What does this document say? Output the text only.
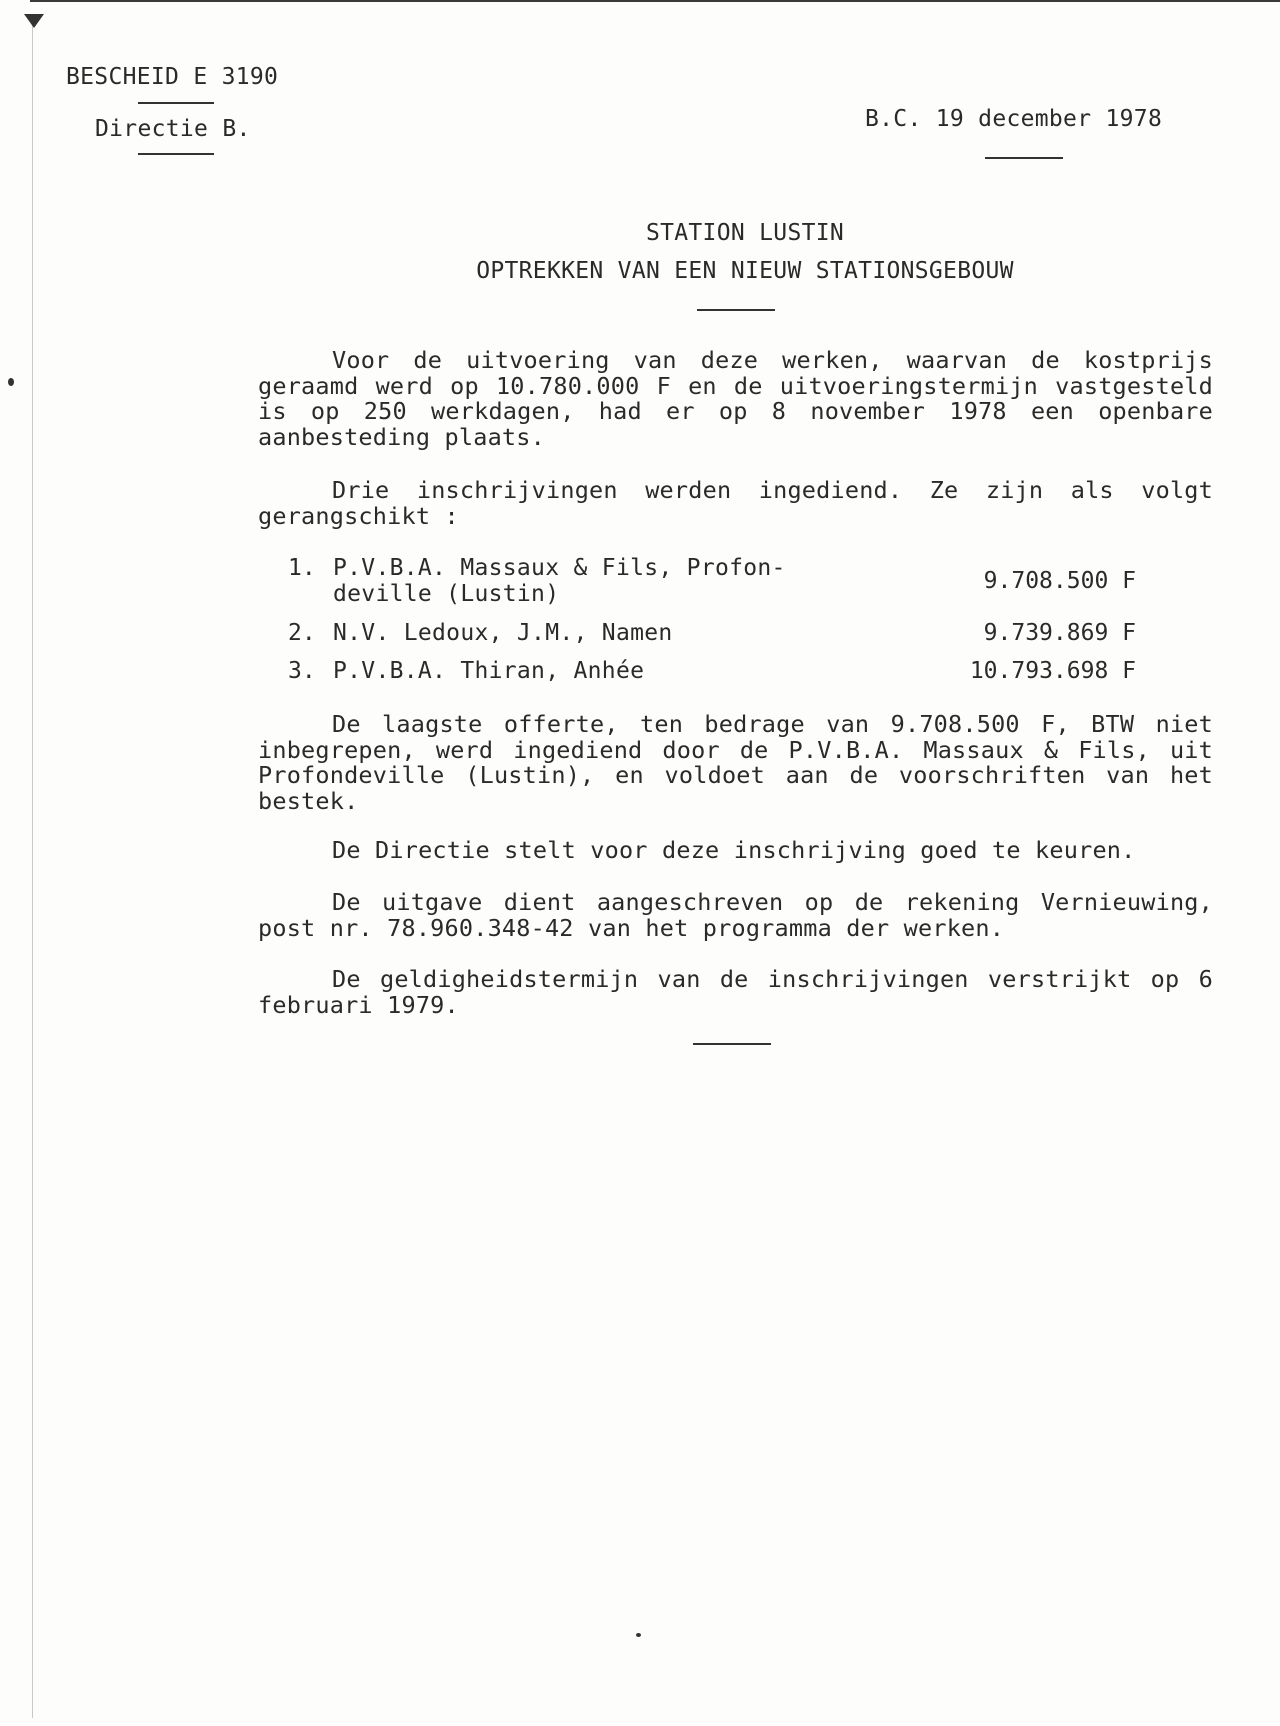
BESCHEID E 3190
Directie B.	B.C. 19 december 1978
STATION LUSTIN
OPTREKKEN VAN EEN NIEUW STATIONSGEBOUW
Voor de uitvoering van deze werken, waarvan de kostprijs geraamd werd op 10.780.000 F en de uitvoeringstermijn vastgesteld is op 250 werkdagen, had er op 8 november 1978 een openbare aanbesteding plaats.
Drie inschrijvingen werden ingediend. Ze zijn als volgt gerangschikt :
1. P.V.B.A. Massaux & Fils, Profon-
deville (Lustin)	9.708.500 F
2. N.V. Ledoux, J.M., Namen	9.739.869 F
3. P.V.B.A. Thiran, Anhée	10.793.698 F
De laagste offerte, ten bedrage van 9.708.500 F, BTW niet inbegrepen, werd ingediend door de P.V.B.A. Massaux & Fils, uit Profondeville (Lustin), en voldoet aan de voorschriften van het bestek.
De Directie stelt voor deze inschrijving goed te keuren.
De uitgave dient aangeschreven op de rekening Vernieuwing, post nr. 78.960.348-42 van het programma der werken.
De geldigheidstermijn van de inschrijvingen verstrijkt op 6 februari 1979.
